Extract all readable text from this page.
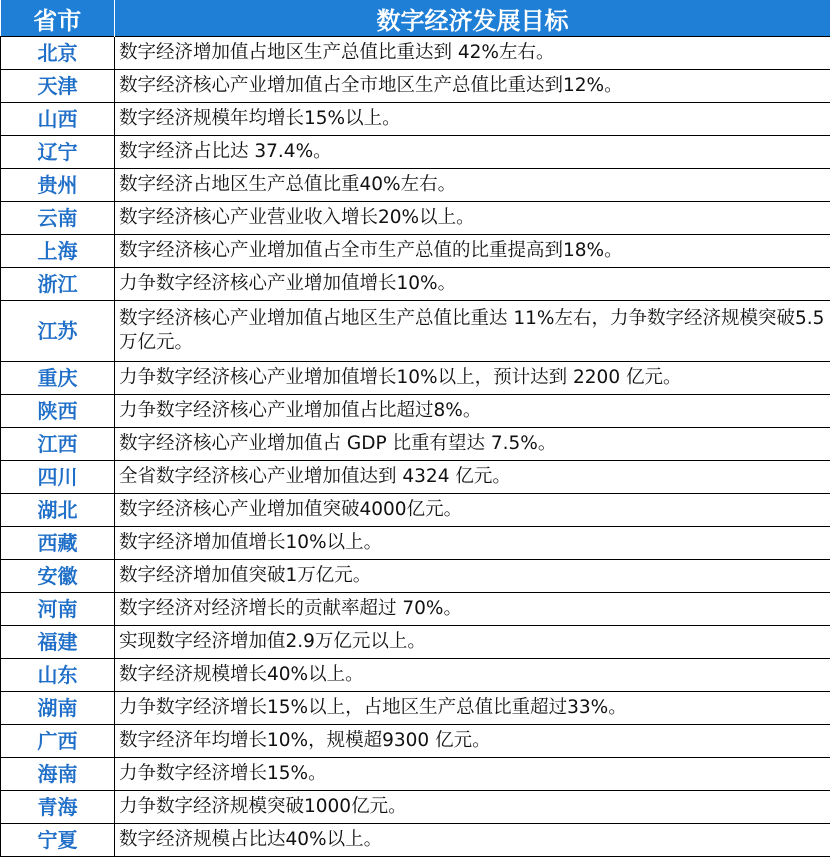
省市	数字经济发展目标
北京	数字经济增加值占地区生产总值比重达到 42%左右。
天津	数字经济核心产业增加值占全市地区生产总值比重达到12%。
山西	数字经济规模年均增长15%以上。
辽宁	数字经济占比达 37.4%。
贵州	数字经济占地区生产总值比重40%左右。
云南	数字经济核心产业营业收入增长20%以上。
上海	数字经济核心产业增加值占全市生产总值的比重提高到18%。
浙江	力争数字经济核心产业增加值增长10%。
江苏	数字经济核心产业增加值占地区生产总值比重达 11%左右，力争数字经济规模突破5.5万亿元。
重庆	力争数字经济核心产业增加值增长10%以上，预计达到 2200 亿元。
陕西	力争数字经济核心产业增加值占比超过8%。
江西	数字经济核心产业增加值占 GDP 比重有望达 7.5%。
四川	全省数字经济核心产业增加值达到 4324 亿元。
湖北	数字经济核心产业增加值突破4000亿元。
西藏	数字经济增加值增长10%以上。
安徽	数字经济增加值突破1万亿元。
河南	数字经济对经济增长的贡献率超过 70%。
福建	实现数字经济增加值2.9万亿元以上。
山东	数字经济规模增长40%以上。
湖南	力争数字经济增长15%以上，占地区生产总值比重超过33%。
广西	数字经济年均增长10%，规模超9300 亿元。
海南	力争数字经济增长15%。
青海	力争数字经济规模突破1000亿元。
宁夏	数字经济规模占比达40%以上。
